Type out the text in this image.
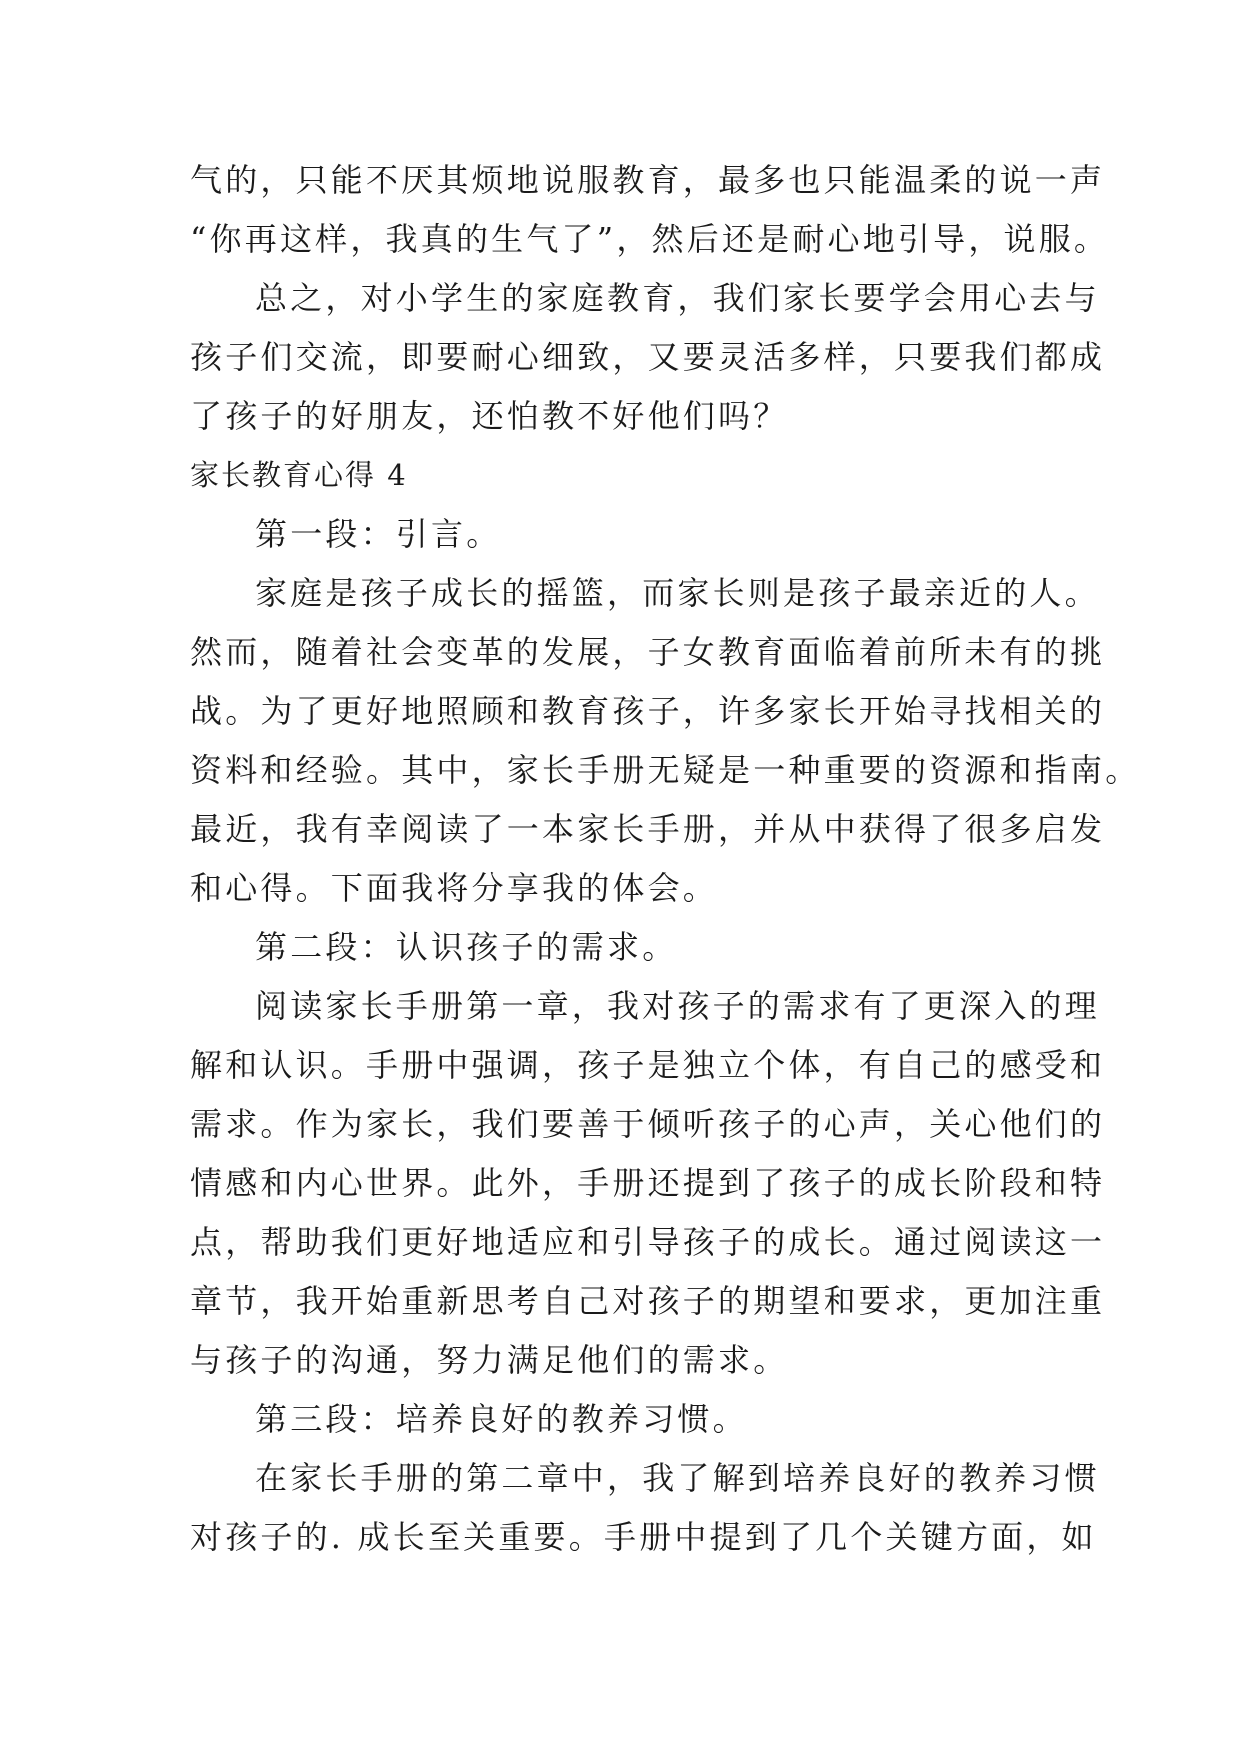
气的，只能不厌其烦地说服教育，最多也只能温柔的说一声
“你再这样，我真的生气了”，然后还是耐心地引导，说服。
总之，对小学生的家庭教育，我们家长要学会用心去与
孩子们交流，即要耐心细致，又要灵活多样，只要我们都成
了孩子的好朋友，还怕教不好他们吗？
家长教育心得 4
第一段：引言。
家庭是孩子成长的摇篮，而家长则是孩子最亲近的人。
然而，随着社会变革的发展，子女教育面临着前所未有的挑
战。为了更好地照顾和教育孩子，许多家长开始寻找相关的
资料和经验。其中，家长手册无疑是一种重要的资源和指南。
最近，我有幸阅读了一本家长手册，并从中获得了很多启发
和心得。下面我将分享我的体会。
第二段：认识孩子的需求。
阅读家长手册第一章，我对孩子的需求有了更深入的理
解和认识。手册中强调，孩子是独立个体，有自己的感受和
需求。作为家长，我们要善于倾听孩子的心声，关心他们的
情感和内心世界。此外，手册还提到了孩子的成长阶段和特
点，帮助我们更好地适应和引导孩子的成长。通过阅读这一
章节，我开始重新思考自己对孩子的期望和要求，更加注重
与孩子的沟通，努力满足他们的需求。
第三段：培养良好的教养习惯。
在家长手册的第二章中，我了解到培养良好的教养习惯
对孩子的. 成长至关重要。手册中提到了几个关键方面，如
